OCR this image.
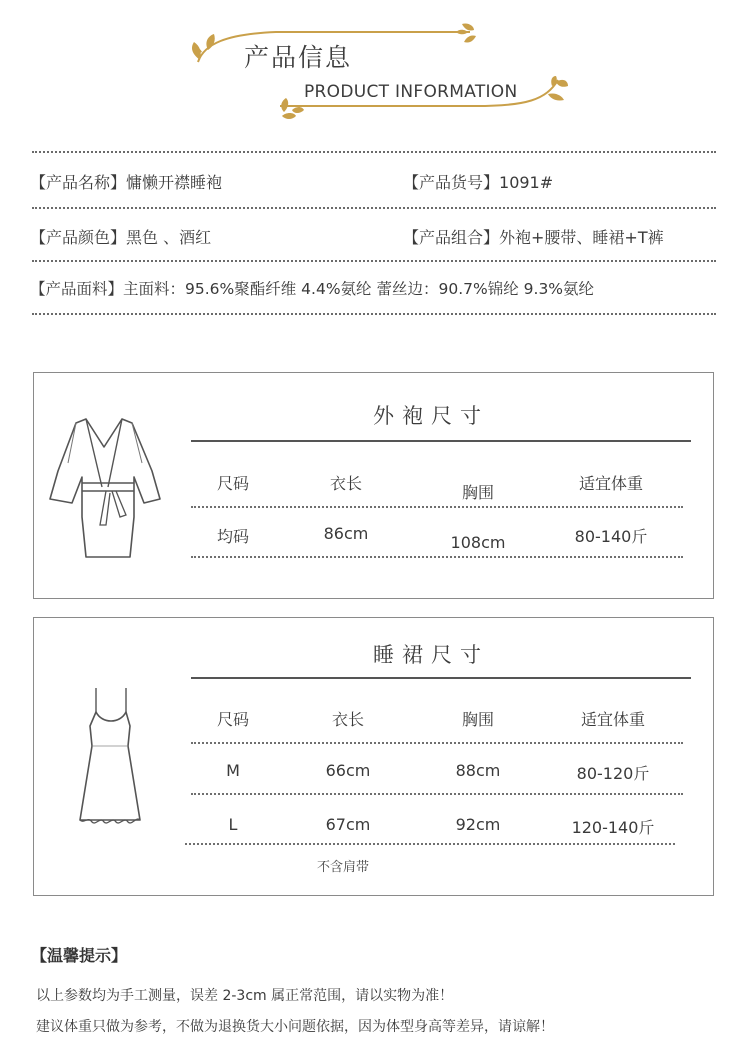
产品信息
PRODUCT INFORMATION
【产品名称】慵懒开襟睡袍	【产品货号】1091#
【产品颜色】黑色 、酒红	【产品组合】外袍+腰带、睡裙+T裤
【产品面料】主面料：95.6%聚酯纤维 4.4%氨纶 蕾丝边：90.7%锦纶 9.3%氨纶
外袍尺寸
尺码	衣长	胸围	适宜体重
均码	86cm	108cm	80-140斤
睡裙尺寸
尺码	衣长	胸围	适宜体重
M	66cm	88cm	80-120斤
L	67cm	92cm	120-140斤
不含肩带
【温馨提示】
以上参数均为手工测量，误差 2-3cm 属正常范围，请以实物为准！
建议体重只做为参考，不做为退换货大小问题依据，因为体型身高等差异，请谅解！
